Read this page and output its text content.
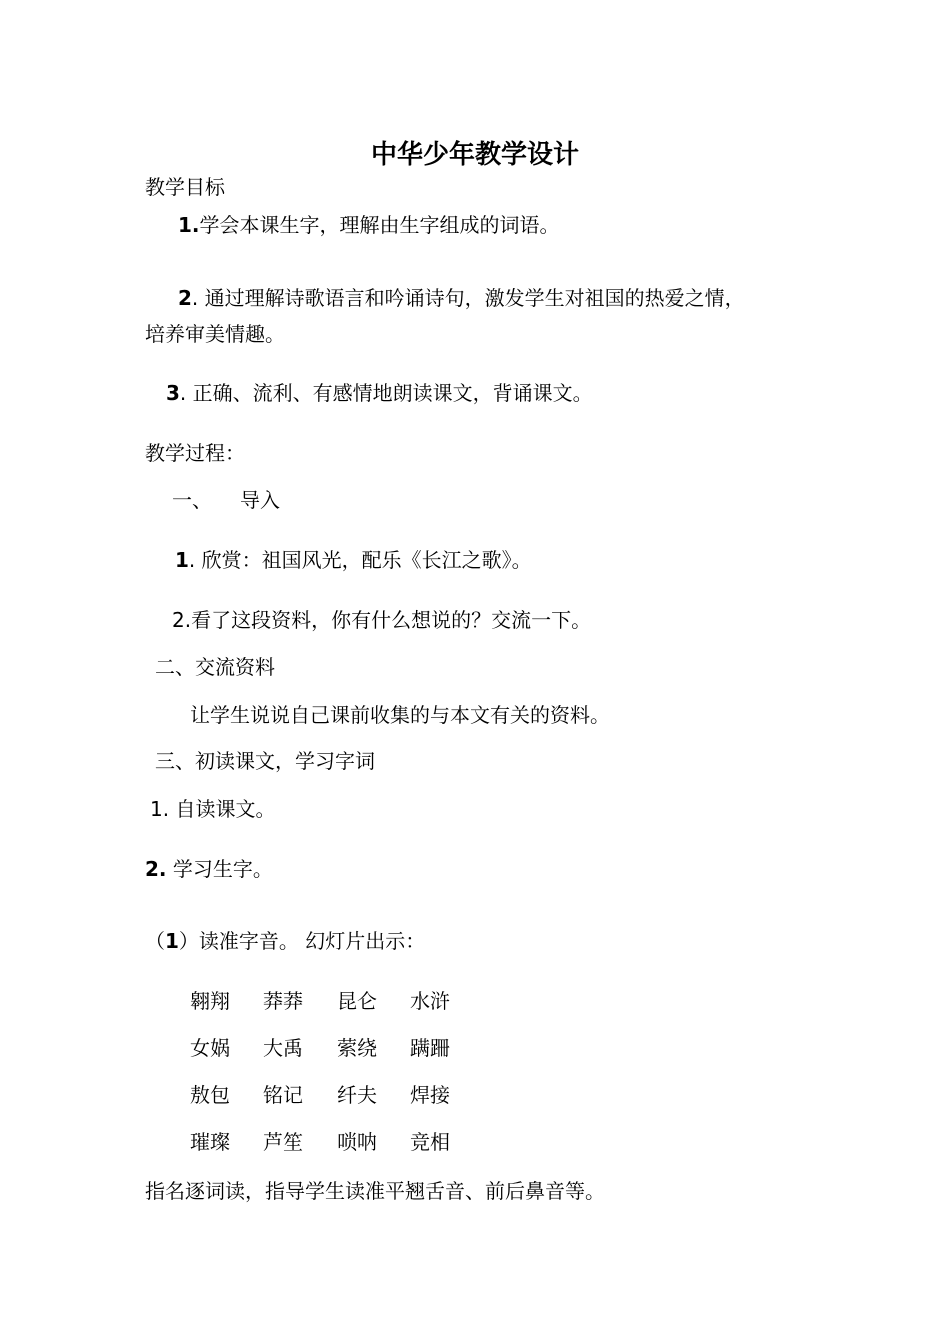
中华少年教学设计
教学目标
1.学会本课生字，理解由生字组成的词语。
2. 通过理解诗歌语言和吟诵诗句，激发学生对祖国的热爱之情，
培养审美情趣。
3. 正确、流利、有感情地朗读课文，背诵课文。
教学过程：
一、 导入
1. 欣赏：祖国风光，配乐《长江之歌》。
2.看了这段资料，你有什么想说的？交流一下。
二、交流资料
让学生说说自己课前收集的与本文有关的资料。
三、初读课文，学习字词
1. 自读课文。
2. 学习生字。
（1）读准字音。 幻灯片出示：
翱翔 莽莽 昆仑 水浒
女娲 大禹 萦绕 蹒跚
敖包 铭记 纤夫 焊接
璀璨 芦笙 唢呐 竞相
指名逐词读，指导学生读准平翘舌音、前后鼻音等。
